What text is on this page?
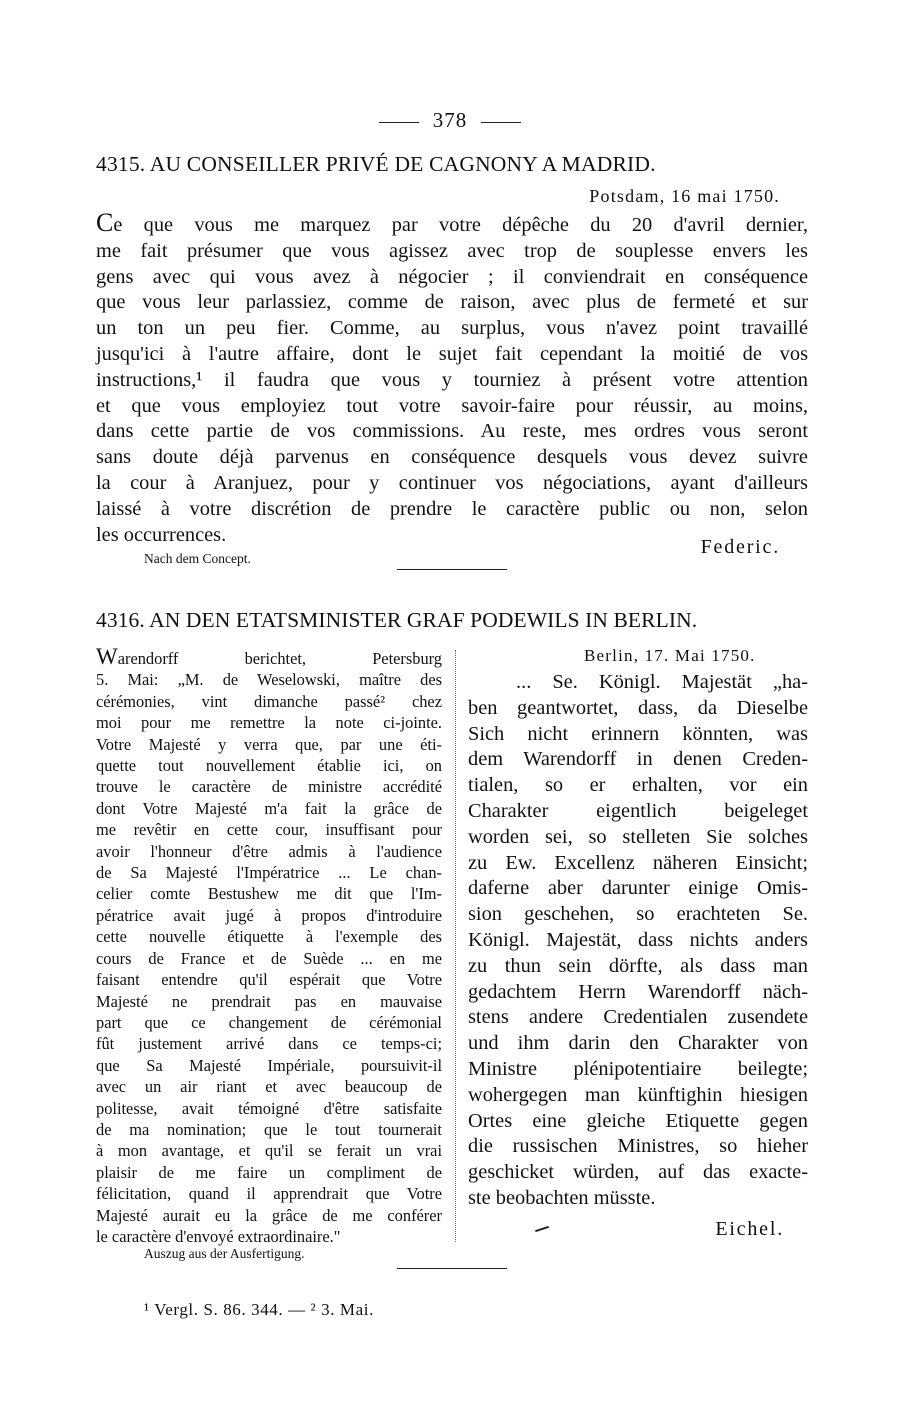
378
4315. AU CONSEILLER PRIVÉ DE CAGNONY A MADRID.
Potsdam, 16 mai 1750.
Ce que vous me marquez par votre dépêche du 20 d'avril dernier,
me fait présumer que vous agissez avec trop de souplesse envers les
gens avec qui vous avez à négocier ; il conviendrait en conséquence
que vous leur parlassiez, comme de raison, avec plus de fermeté et sur
un ton un peu fier. Comme, au surplus, vous n'avez point travaillé
jusqu'ici à l'autre affaire, dont le sujet fait cependant la moitié de vos
instructions,¹ il faudra que vous y tourniez à présent votre attention
et que vous employiez tout votre savoir-faire pour réussir, au moins,
dans cette partie de vos commissions. Au reste, mes ordres vous seront
sans doute déjà parvenus en conséquence desquels vous devez suivre
la cour à Aranjuez, pour y continuer vos négociations, ayant d'ailleurs
laissé à votre discrétion de prendre le caractère public ou non, selon
les occurrences.
Nach dem Concept.
Federic.
4316. AN DEN ETATSMINISTER GRAF PODEWILS IN BERLIN.
Warendorff berichtet, Petersburg
5. Mai: „M. de Weselowski, maître des
cérémonies, vint dimanche passé² chez
moi pour me remettre la note ci-jointe.
Votre Majesté y verra que, par une éti-
quette tout nouvellement établie ici, on
trouve le caractère de ministre accrédité
dont Votre Majesté m'a fait la grâce de
me revêtir en cette cour, insuffisant pour
avoir l'honneur d'être admis à l'audience
de Sa Majesté l'Impératrice ... Le chan-
celier comte Bestushew me dit que l'Im-
pératrice avait jugé à propos d'introduire
cette nouvelle étiquette à l'exemple des
cours de France et de Suède ... en me
faisant entendre qu'il espérait que Votre
Majesté ne prendrait pas en mauvaise
part que ce changement de cérémonial
fût justement arrivé dans ce temps-ci;
que Sa Majesté Impériale, poursuivit-il
avec un air riant et avec beaucoup de
politesse, avait témoigné d'être satisfaite
de ma nomination; que le tout tournerait
à mon avantage, et qu'il se ferait un vrai
plaisir de me faire un compliment de
félicitation, quand il apprendrait que Votre
Majesté aurait eu la grâce de me conférer
le caractère d'envoyé extraordinaire."
Berlin, 17. Mai 1750.
... Se. Königl. Majestät „ha-
ben geantwortet, dass, da Dieselbe
Sich nicht erinnern könnten, was
dem Warendorff in denen Creden-
tialen, so er erhalten, vor ein
Charakter eigentlich beigeleget
worden sei, so stelleten Sie solches
zu Ew. Excellenz näheren Einsicht;
daferne aber darunter einige Omis-
sion geschehen, so erachteten Se.
Königl. Majestät, dass nichts anders
zu thun sein dörfte, als dass man
gedachtem Herrn Warendorff näch-
stens andere Credentialen zusendete
und ihm darin den Charakter von
Ministre plénipotentiaire beilegte;
wohergegen man künftighin hiesigen
Ortes eine gleiche Etiquette gegen
die russischen Ministres, so hieher
geschicket würden, auf das exacte-
ste beobachten müsste.
Eichel.
Auszug aus der Ausfertigung.
¹ Vergl. S. 86. 344. — ² 3. Mai.
